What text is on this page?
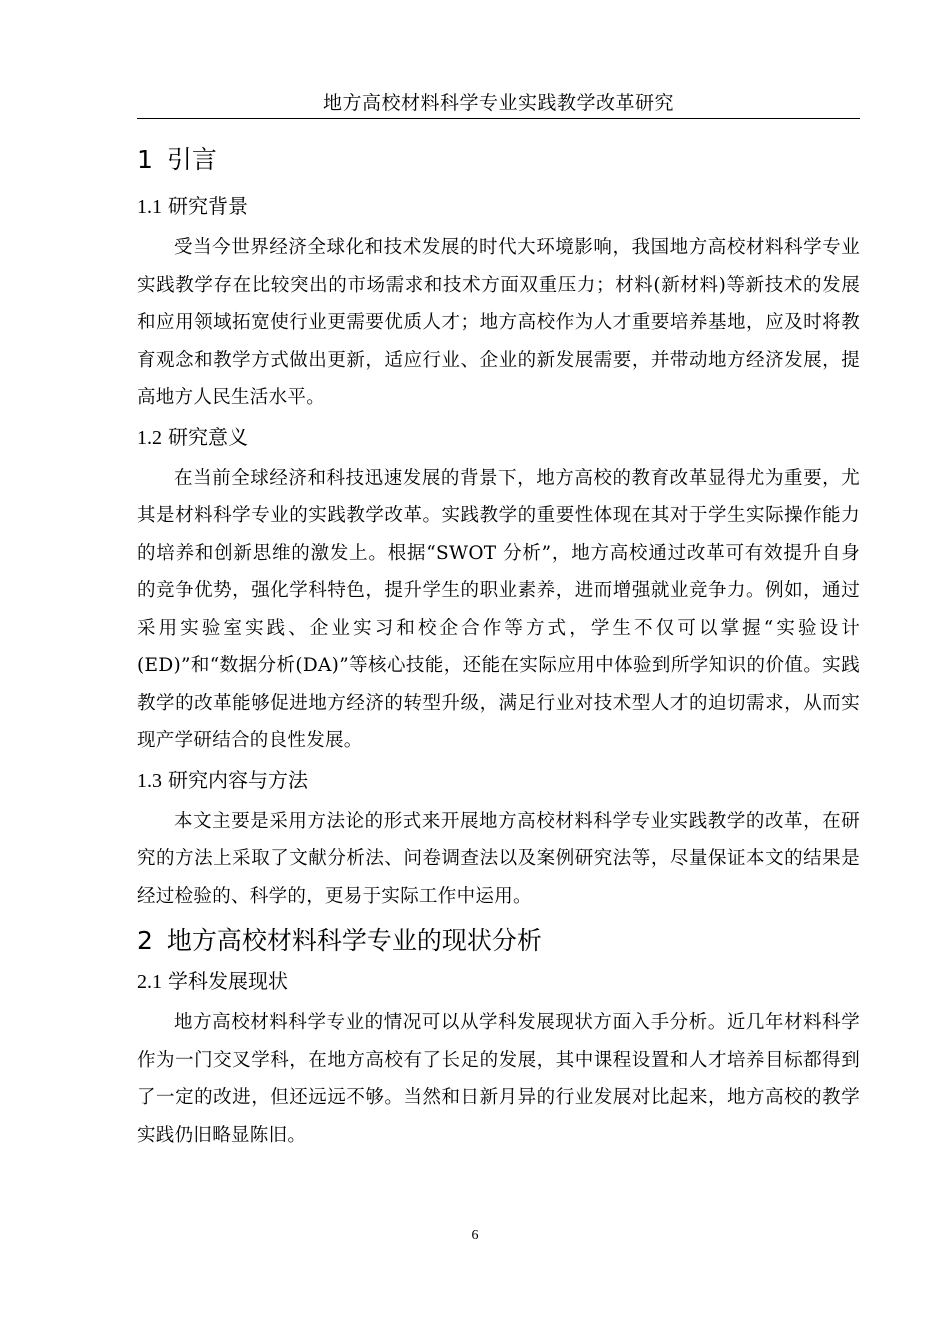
地方高校材料科学专业实践教学改革研究
1 引言
1.1 研究背景

受当今世界经济全球化和技术发展的时代大环境影响，我国地方高校材料科学专业实践教学存在比较突出的市场需求和技术方面双重压力；材料(新材料)等新技术的发展和应用领域拓宽使行业更需要优质人才；地方高校作为人才重要培养基地，应及时将教育观念和教学方式做出更新，适应行业、企业的新发展需要，并带动地方经济发展，提高地方人民生活水平。

1.2 研究意义

在当前全球经济和科技迅速发展的背景下，地方高校的教育改革显得尤为重要，尤其是材料科学专业的实践教学改革。实践教学的重要性体现在其对于学生实际操作能力的培养和创新思维的激发上。根据“SWOT 分析”，地方高校通过改革可有效提升自身的竞争优势，强化学科特色，提升学生的职业素养，进而增强就业竞争力。例如，通过采用实验室实践、企业实习和校企合作等方式，学生不仅可以掌握“实验设计(ED)”和“数据分析(DA)”等核心技能，还能在实际应用中体验到所学知识的价值。实践教学的改革能够促进地方经济的转型升级，满足行业对技术型人才的迫切需求，从而实现产学研结合的良性发展。

1.3 研究内容与方法

本文主要是采用方法论的形式来开展地方高校材料科学专业实践教学的改革，在研究的方法上采取了文献分析法、问卷调查法以及案例研究法等，尽量保证本文的结果是经过检验的、科学的，更易于实际工作中运用。

2 地方高校材料科学专业的现状分析
2.1 学科发展现状

地方高校材料科学专业的情况可以从学科发展现状方面入手分析。近几年材料科学作为一门交叉学科，在地方高校有了长足的发展，其中课程设置和人才培养目标都得到了一定的改进，但还远远不够。当然和日新月异的行业发展对比起来，地方高校的教学实践仍旧略显陈旧。

6
